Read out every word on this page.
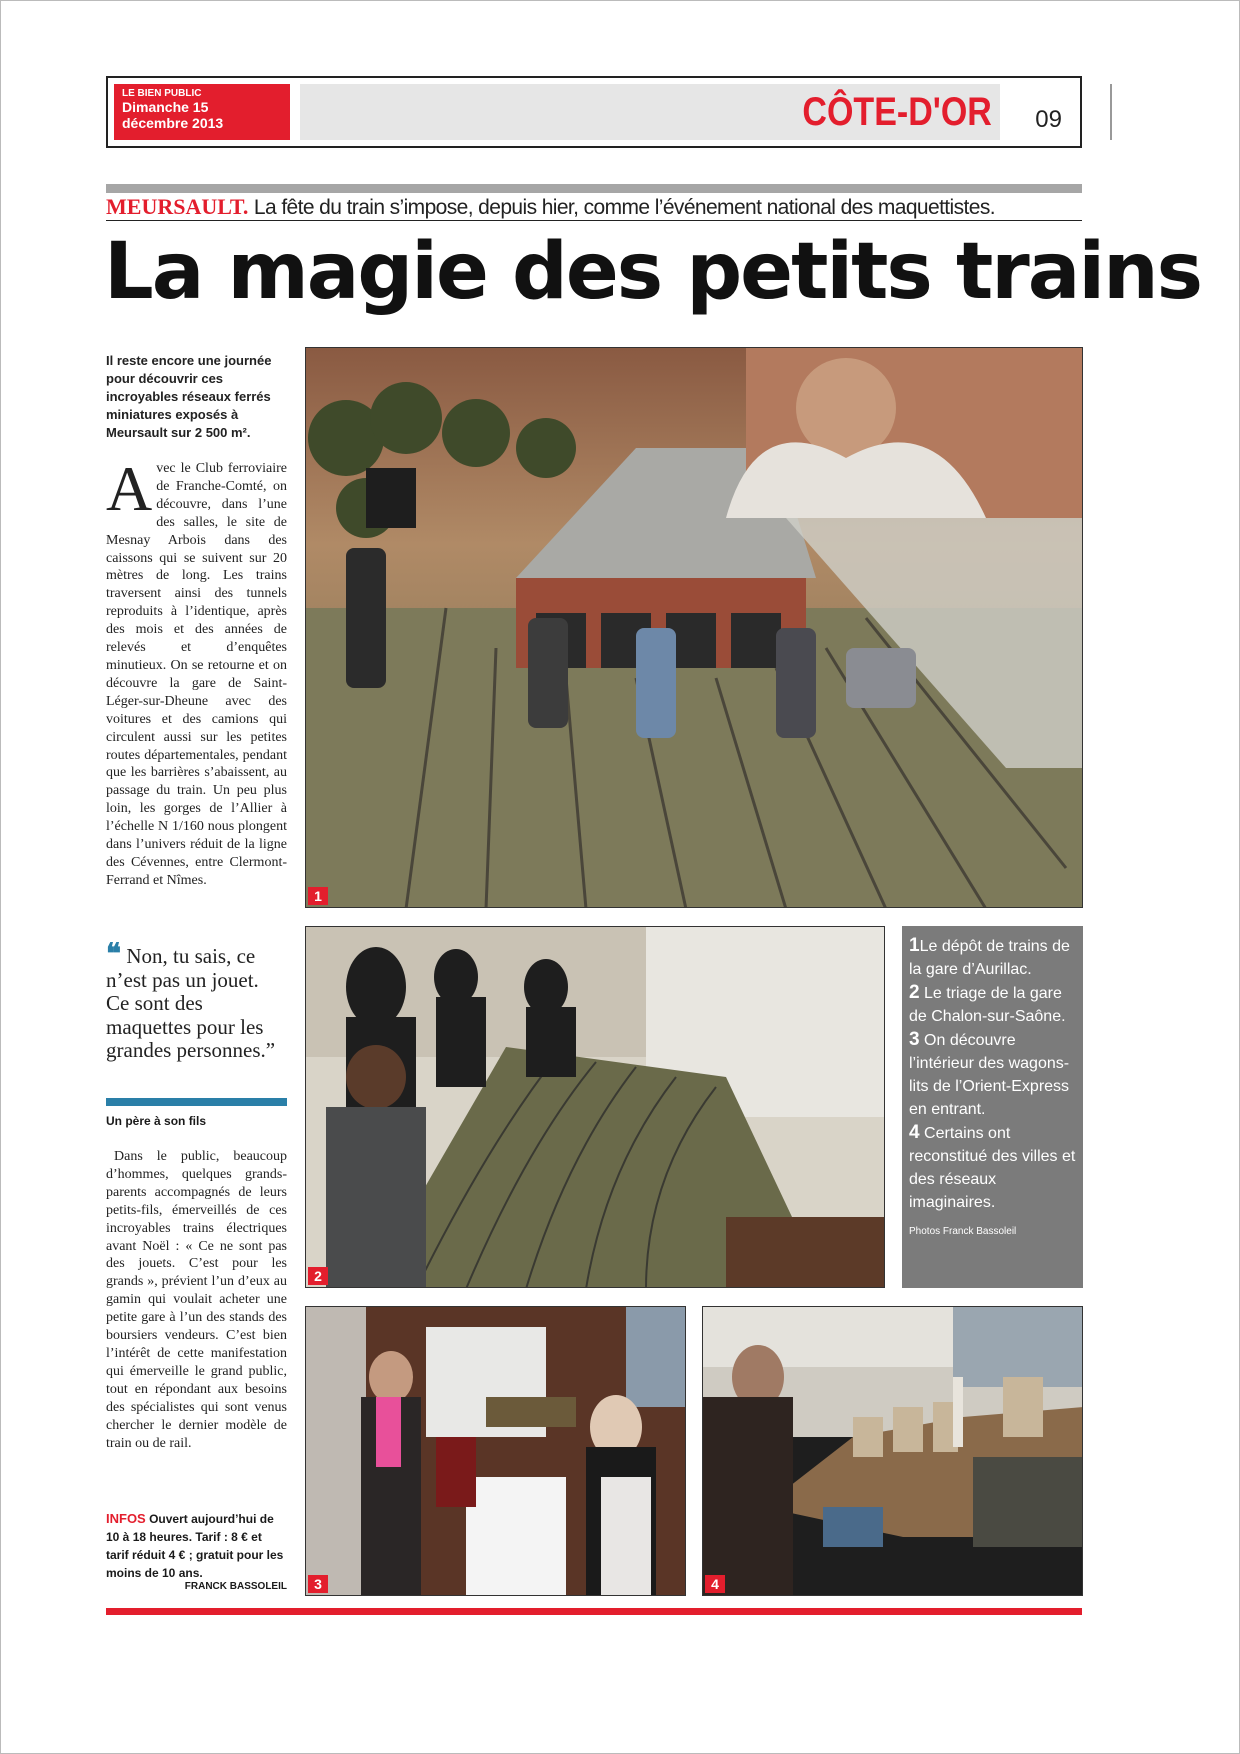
LE BIEN PUBLIC
Dimanche 15
décembre 2013	CÔTE-D'OR 09
MEURSAULT. La fête du train s’impose, depuis hier, comme l’événement national des maquettistes.
La magie des petits trains
Il reste encore une journée pour découvrir ces incroyables réseaux ferrés miniatures exposés à Meursault sur 2 500 m².
A vec le Club ferroviaire de Franche-Comté, on découvre, dans l’une des salles, le site de Mesnay Arbois dans des caissons qui se suivent sur 20 mètres de long. Les trains traversent ainsi des tunnels reproduits à l’identique, après des mois et des années de relevés et d’enquêtes minutieux. On se retourne et on découvre la gare de Saint-Léger-sur-Dheune avec des voitures et des camions qui circulent aussi sur les petites routes départementales, pendant que les barrières s’abaissent, au passage du train. Un peu plus loin, les gorges de l’Allier à l’échelle N 1/160 nous plongent dans l’univers réduit de la ligne des Cévennes, entre Clermont-Ferrand et Nîmes.
❝ Non, tu sais, ce n’est pas un jouet. Ce sont des maquettes pour les grandes personnes.”
Un père à son fils
Dans le public, beaucoup d’hommes, quelques grands-parents accompagnés de leurs petits-fils, émerveillés de ces incroyables trains électriques avant Noël : « Ce ne sont pas des jouets. C’est pour les grands », prévient l’un d’eux au gamin qui voulait acheter une petite gare à l’un des stands des boursiers vendeurs. C’est bien l’intérêt de cette manifestation qui émerveille le grand public, tout en répondant aux besoins des spécialistes qui sont venus chercher le dernier modèle de train ou de rail.
INFOS Ouvert aujourd’hui de 10 à 18 heures. Tarif : 8 € et tarif réduit 4 € ; gratuit pour les moins de 10 ans.
FRANCK BASSOLEIL
1
2
1Le dépôt de trains de la gare d’Aurillac.
2 Le triage de la gare de Chalon-sur-Saône.
3 On découvre l’intérieur des wagons-lits de l’Orient-Express en entrant.
4 Certains ont reconstitué des villes et des réseaux imaginaires.
Photos Franck Bassoleil
3	4
